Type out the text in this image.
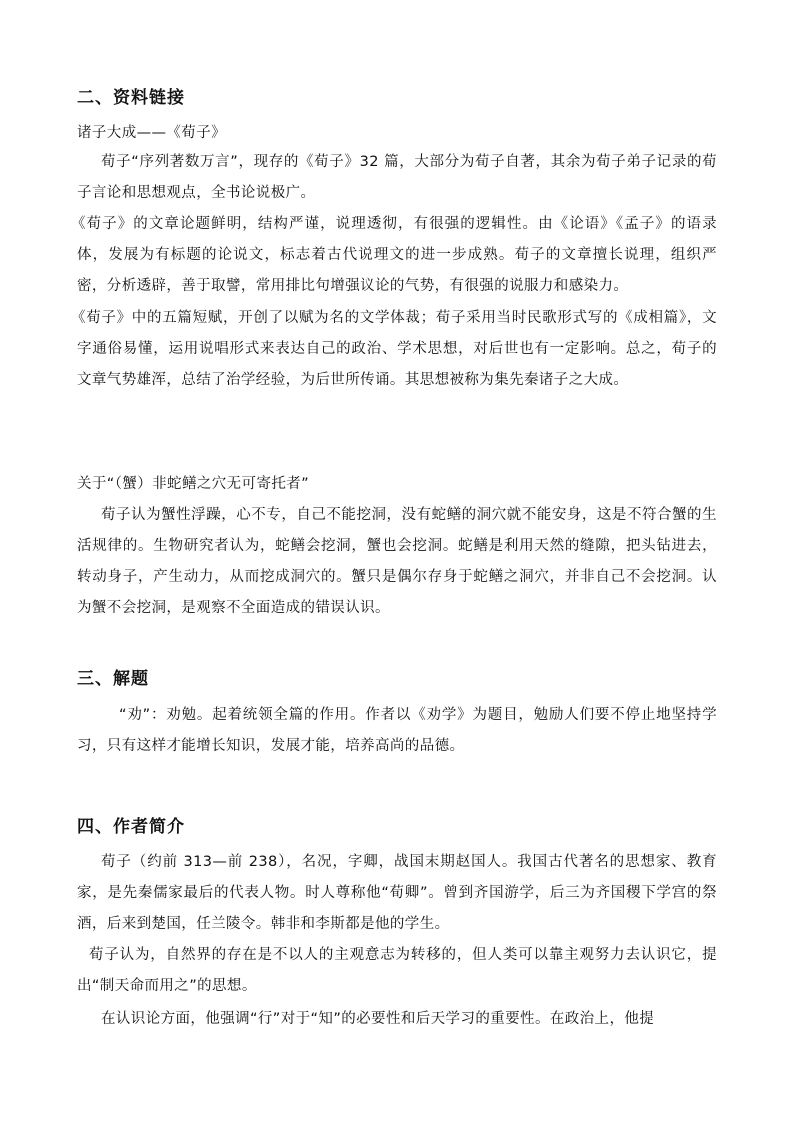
二、资料链接

诸子大成——《荀子》

荀子“序列著数万言”，现存的《荀子》32 篇，大部分为荀子自著，其余为荀子弟子记录的荀子言论和思想观点，全书论说极广。

《荀子》的文章论题鲜明，结构严谨，说理透彻，有很强的逻辑性。由《论语》《孟子》的语录体，发展为有标题的论说文，标志着古代说理文的进一步成熟。荀子的文章擅长说理，组织严密，分析透辟，善于取譬，常用排比句增强议论的气势，有很强的说服力和感染力。

《荀子》中的五篇短赋，开创了以赋为名的文学体裁；荀子采用当时民歌形式写的《成相篇》，文字通俗易懂，运用说唱形式来表达自己的政治、学术思想，对后世也有一定影响。总之，荀子的文章气势雄浑，总结了治学经验，为后世所传诵。其思想被称为集先秦诸子之大成。

关于“（蟹）非蛇鳝之穴无可寄托者”

荀子认为蟹性浮躁，心不专，自己不能挖洞，没有蛇鳝的洞穴就不能安身，这是不符合蟹的生活规律的。生物研究者认为，蛇鳝会挖洞，蟹也会挖洞。蛇鳝是利用天然的缝隙，把头钻进去，转动身子，产生动力，从而挖成洞穴的。蟹只是偶尔存身于蛇鳝之洞穴，并非自己不会挖洞。认为蟹不会挖洞，是观察不全面造成的错误认识。

三、解题

“劝”：劝勉。起着统领全篇的作用。作者以《劝学》为题目，勉励人们要不停止地坚持学习，只有这样才能增长知识，发展才能，培养高尚的品德。

四、作者简介

荀子（约前 313—前 238），名况，字卿，战国末期赵国人。我国古代著名的思想家、教育家，是先秦儒家最后的代表人物。时人尊称他“荀卿”。曾到齐国游学，后三为齐国稷下学宫的祭酒，后来到楚国，任兰陵令。韩非和李斯都是他的学生。

荀子认为，自然界的存在是不以人的主观意志为转移的，但人类可以靠主观努力去认识它，提出“制天命而用之”的思想。

在认识论方面，他强调“行”对于“知”的必要性和后天学习的重要性。在政治上，他提
